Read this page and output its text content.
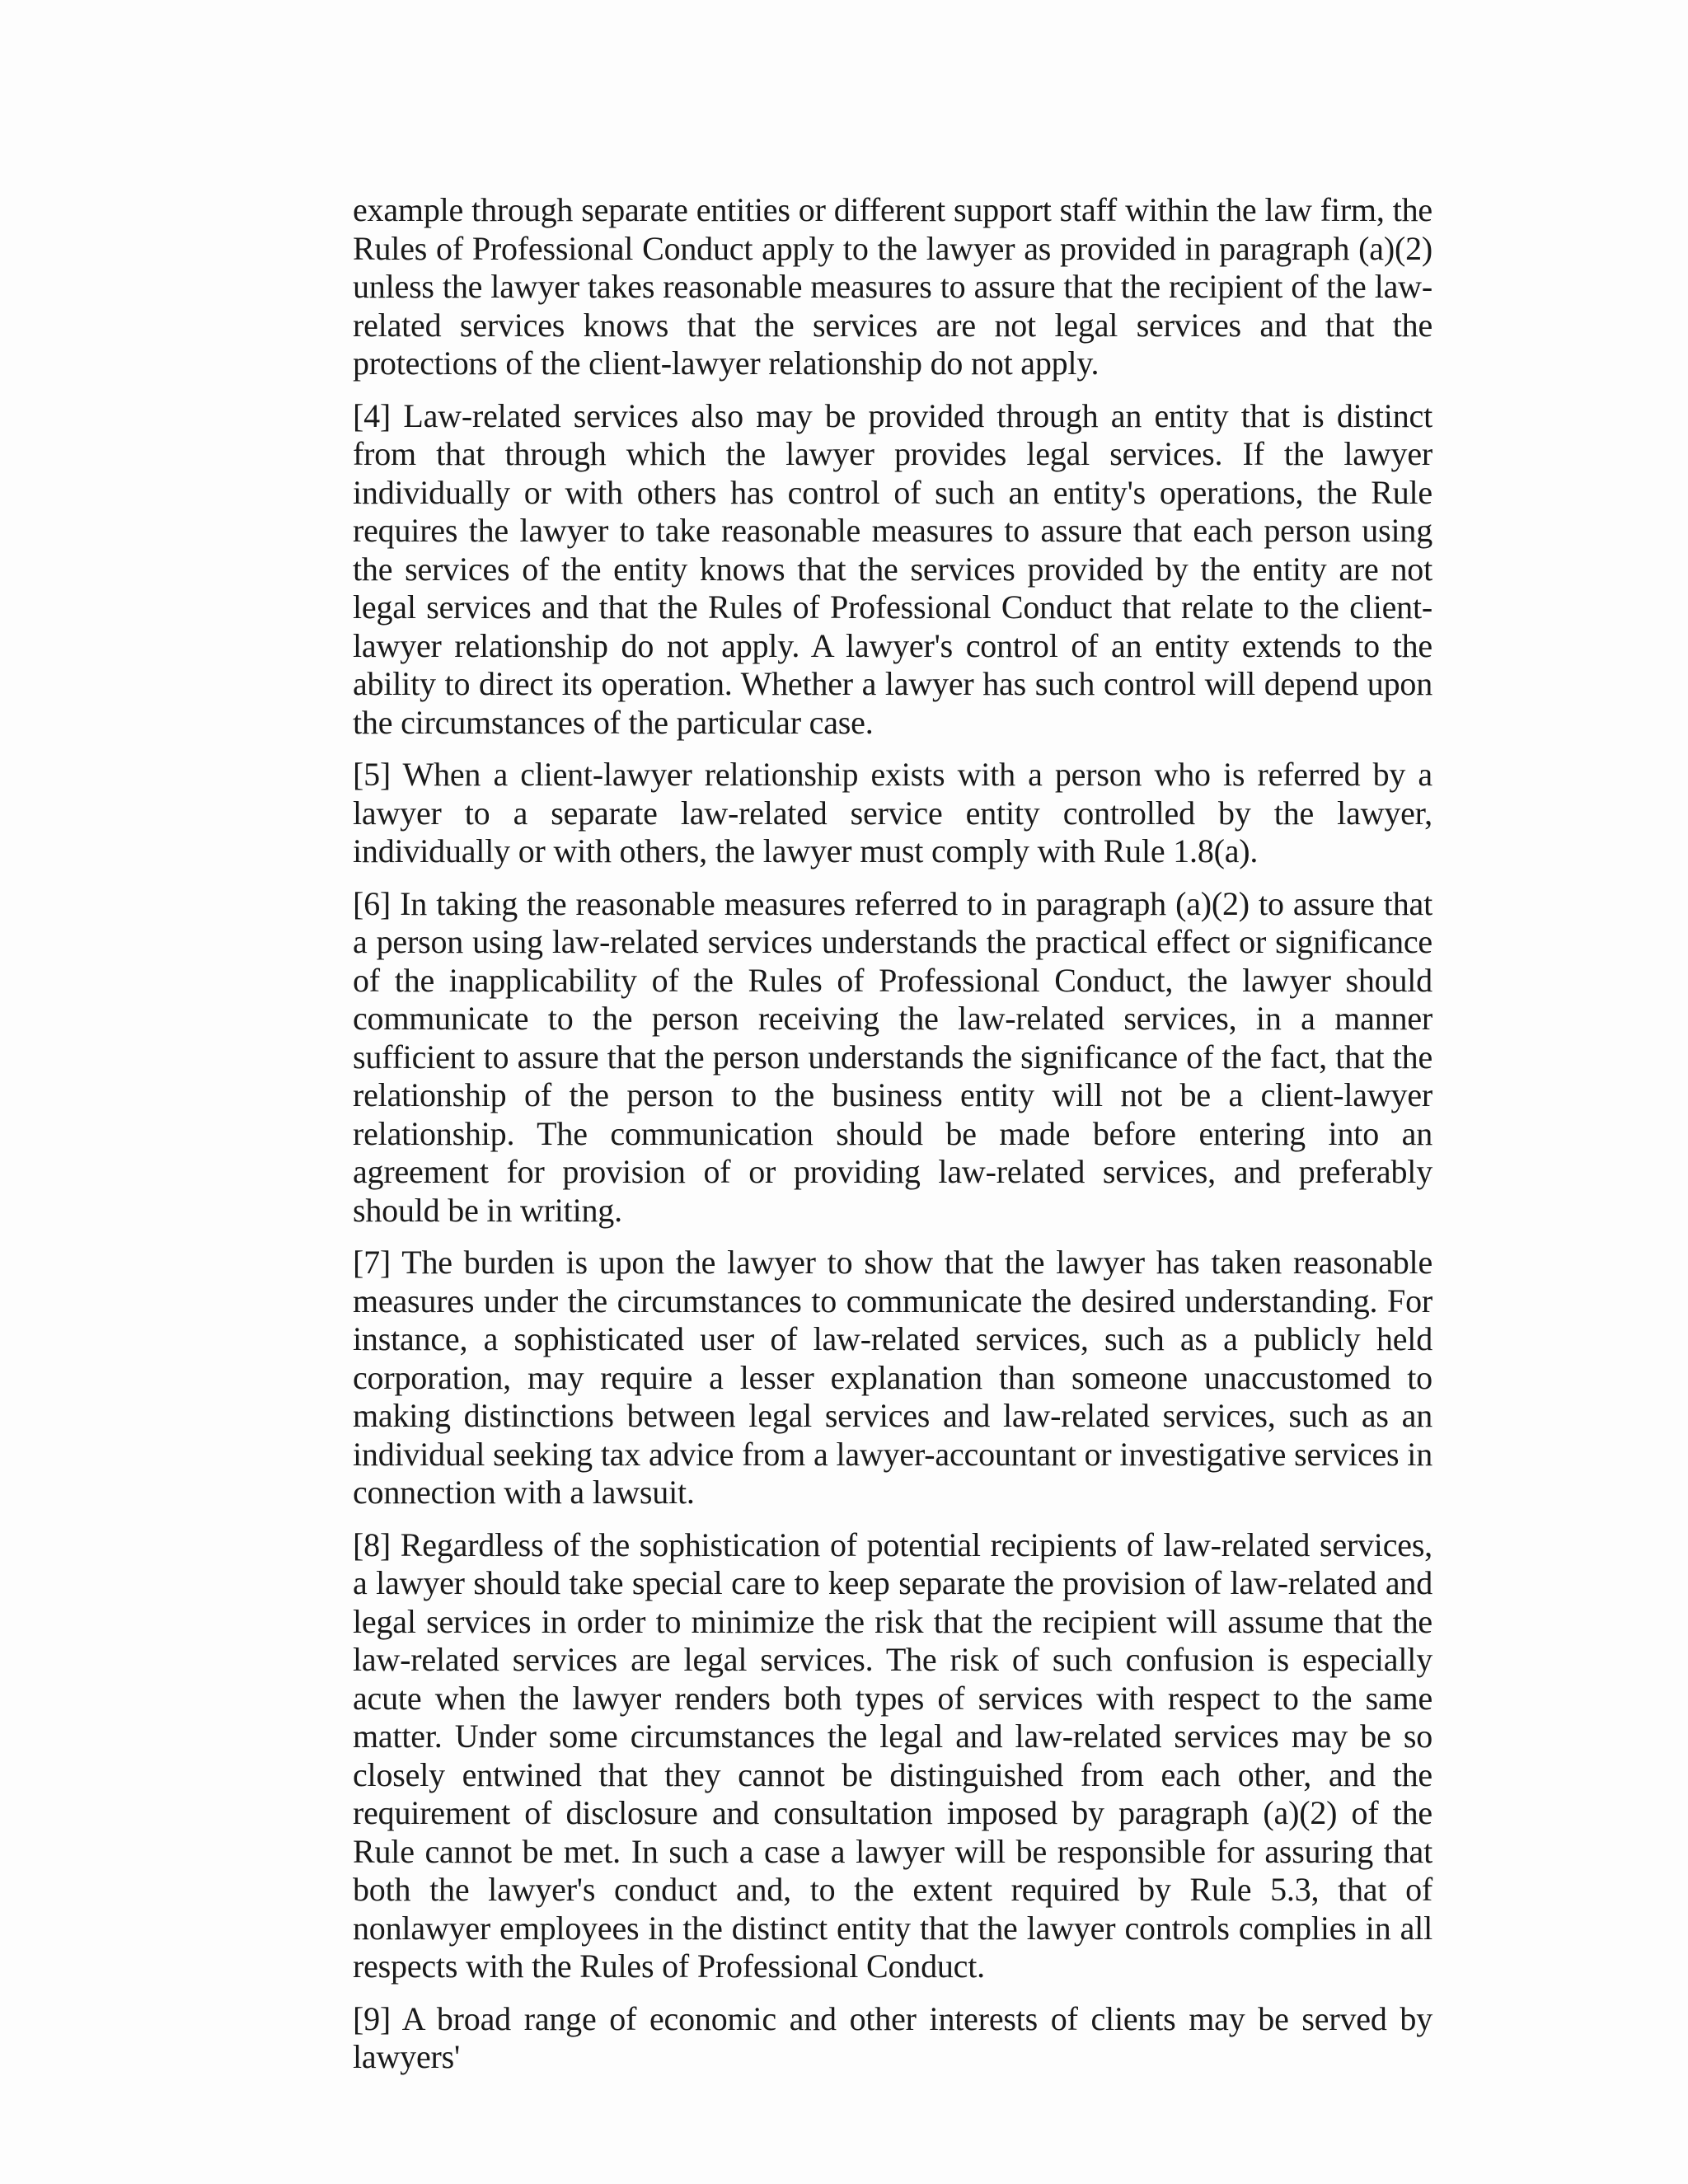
example through separate entities or different support staff within the law firm, the Rules of Professional Conduct apply to the lawyer as provided in paragraph (a)(2) unless the lawyer takes reasonable measures to assure that the recipient of the law-related services knows that the services are not legal services and that the protections of the client-lawyer relationship do not apply.

[4] Law-related services also may be provided through an entity that is distinct from that through which the lawyer provides legal services. If the lawyer individually or with others has control of such an entity's operations, the Rule requires the lawyer to take reasonable measures to assure that each person using the services of the entity knows that the services provided by the entity are not legal services and that the Rules of Professional Conduct that relate to the client-lawyer relationship do not apply. A lawyer's control of an entity extends to the ability to direct its operation. Whether a lawyer has such control will depend upon the circumstances of the particular case.

[5] When a client-lawyer relationship exists with a person who is referred by a lawyer to a separate law-related service entity controlled by the lawyer, individually or with others, the lawyer must comply with Rule 1.8(a).

[6] In taking the reasonable measures referred to in paragraph (a)(2) to assure that a person using law-related services understands the practical effect or significance of the inapplicability of the Rules of Professional Conduct, the lawyer should communicate to the person receiving the law-related services, in a manner sufficient to assure that the person understands the significance of the fact, that the relationship of the person to the business entity will not be a client-lawyer relationship. The communication should be made before entering into an agreement for provision of or providing law-related services, and preferably should be in writing.

[7] The burden is upon the lawyer to show that the lawyer has taken reasonable measures under the circumstances to communicate the desired understanding. For instance, a sophisticated user of law-related services, such as a publicly held corporation, may require a lesser explanation than someone unaccustomed to making distinctions between legal services and law-related services, such as an individual seeking tax advice from a lawyer-accountant or investigative services in connection with a lawsuit.

[8] Regardless of the sophistication of potential recipients of law-related services, a lawyer should take special care to keep separate the provision of law-related and legal services in order to minimize the risk that the recipient will assume that the law-related services are legal services. The risk of such confusion is especially acute when the lawyer renders both types of services with respect to the same matter. Under some circumstances the legal and law-related services may be so closely entwined that they cannot be distinguished from each other, and the requirement of disclosure and consultation imposed by paragraph (a)(2) of the Rule cannot be met. In such a case a lawyer will be responsible for assuring that both the lawyer's conduct and, to the extent required by Rule 5.3, that of nonlawyer employees in the distinct entity that the lawyer controls complies in all respects with the Rules of Professional Conduct.

[9] A broad range of economic and other interests of clients may be served by lawyers'
